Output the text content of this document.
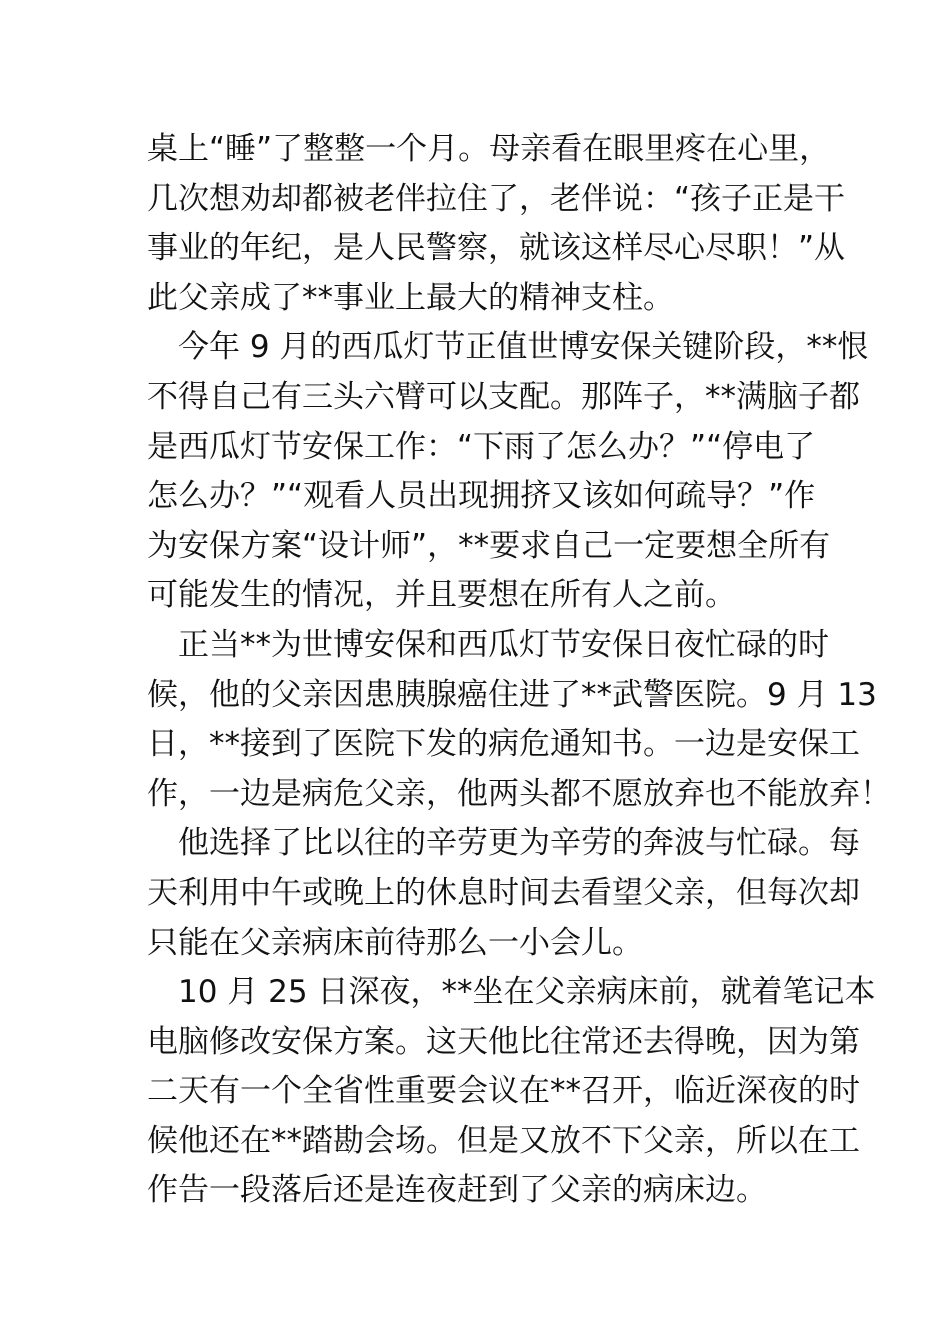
桌上“睡”了整整一个月。母亲看在眼里疼在心里，
几次想劝却都被老伴拉住了，老伴说：“孩子正是干
事业的年纪，是人民警察，就该这样尽心尽职！”从
此父亲成了**事业上最大的精神支柱。
　今年 9 月的西瓜灯节正值世博安保关键阶段，**恨
不得自己有三头六臂可以支配。那阵子，**满脑子都
是西瓜灯节安保工作：“下雨了怎么办？”“停电了
怎么办？”“观看人员出现拥挤又该如何疏导？”作
为安保方案“设计师”，**要求自己一定要想全所有
可能发生的情况，并且要想在所有人之前。
　正当**为世博安保和西瓜灯节安保日夜忙碌的时
候，他的父亲因患胰腺癌住进了**武警医院。9 月 13
日，**接到了医院下发的病危通知书。一边是安保工
作，一边是病危父亲，他两头都不愿放弃也不能放弃！
　他选择了比以往的辛劳更为辛劳的奔波与忙碌。每
天利用中午或晚上的休息时间去看望父亲，但每次却
只能在父亲病床前待那么一小会儿。
　10 月 25 日深夜，**坐在父亲病床前，就着笔记本
电脑修改安保方案。这天他比往常还去得晚，因为第
二天有一个全省性重要会议在**召开，临近深夜的时
候他还在**踏勘会场。但是又放不下父亲，所以在工
作告一段落后还是连夜赶到了父亲的病床边。
